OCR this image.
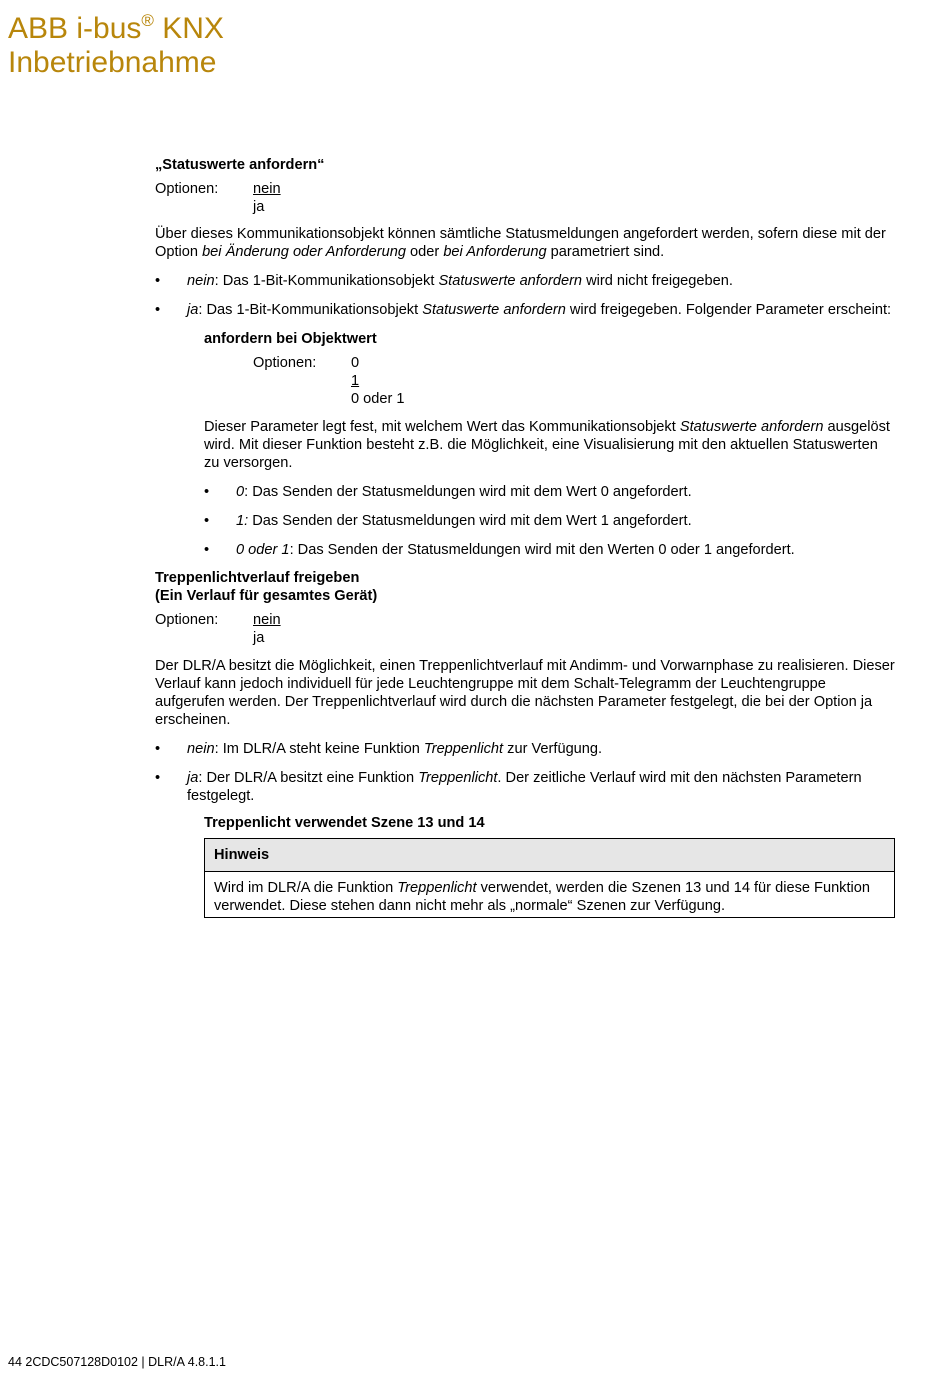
ABB i-bus® KNX
Inbetriebnahme

„Statuswerte anfordern“

Optionen:	nein
ja

Über dieses Kommunikationsobjekt können sämtliche Statusmeldungen angefordert werden, sofern diese mit der Option bei Änderung oder Anforderung oder bei Anforderung parametriert sind.

• nein: Das 1-Bit-Kommunikationsobjekt Statuswerte anfordern wird nicht freigegeben.
• ja: Das 1-Bit-Kommunikationsobjekt Statuswerte anfordern wird freigegeben. Folgender Parameter erscheint:

anfordern bei Objektwert

Optionen:	0
1
0 oder 1

Dieser Parameter legt fest, mit welchem Wert das Kommunikationsobjekt Statuswerte anfordern ausgelöst wird. Mit dieser Funktion besteht z.B. die Möglichkeit, eine Visualisierung mit den aktuellen Statuswerten zu versorgen.

• 0: Das Senden der Statusmeldungen wird mit dem Wert 0 angefordert.
• 1: Das Senden der Statusmeldungen wird mit dem Wert 1 angefordert.
• 0 oder 1: Das Senden der Statusmeldungen wird mit den Werten 0 oder 1 angefordert.

Treppenlichtverlauf freigeben
(Ein Verlauf für gesamtes Gerät)

Optionen:	nein
ja

Der DLR/A besitzt die Möglichkeit, einen Treppenlichtverlauf mit Andimm- und Vorwarnphase zu realisieren. Dieser Verlauf kann jedoch individuell für jede Leuchtengruppe mit dem Schalt-Telegramm der Leuchtengruppe aufgerufen werden. Der Treppenlichtverlauf wird durch die nächsten Parameter festgelegt, die bei der Option ja erscheinen.

• nein: Im DLR/A steht keine Funktion Treppenlicht zur Verfügung.
• ja: Der DLR/A besitzt eine Funktion Treppenlicht. Der zeitliche Verlauf wird mit den nächsten Parametern festgelegt.

Treppenlicht verwendet Szene 13 und 14

Hinweis
Wird im DLR/A die Funktion Treppenlicht verwendet, werden die Szenen 13 und 14 für diese Funktion verwendet. Diese stehen dann nicht mehr als „normale“ Szenen zur Verfügung.
44 2CDC507128D0102 | DLR/A 4.8.1.1
